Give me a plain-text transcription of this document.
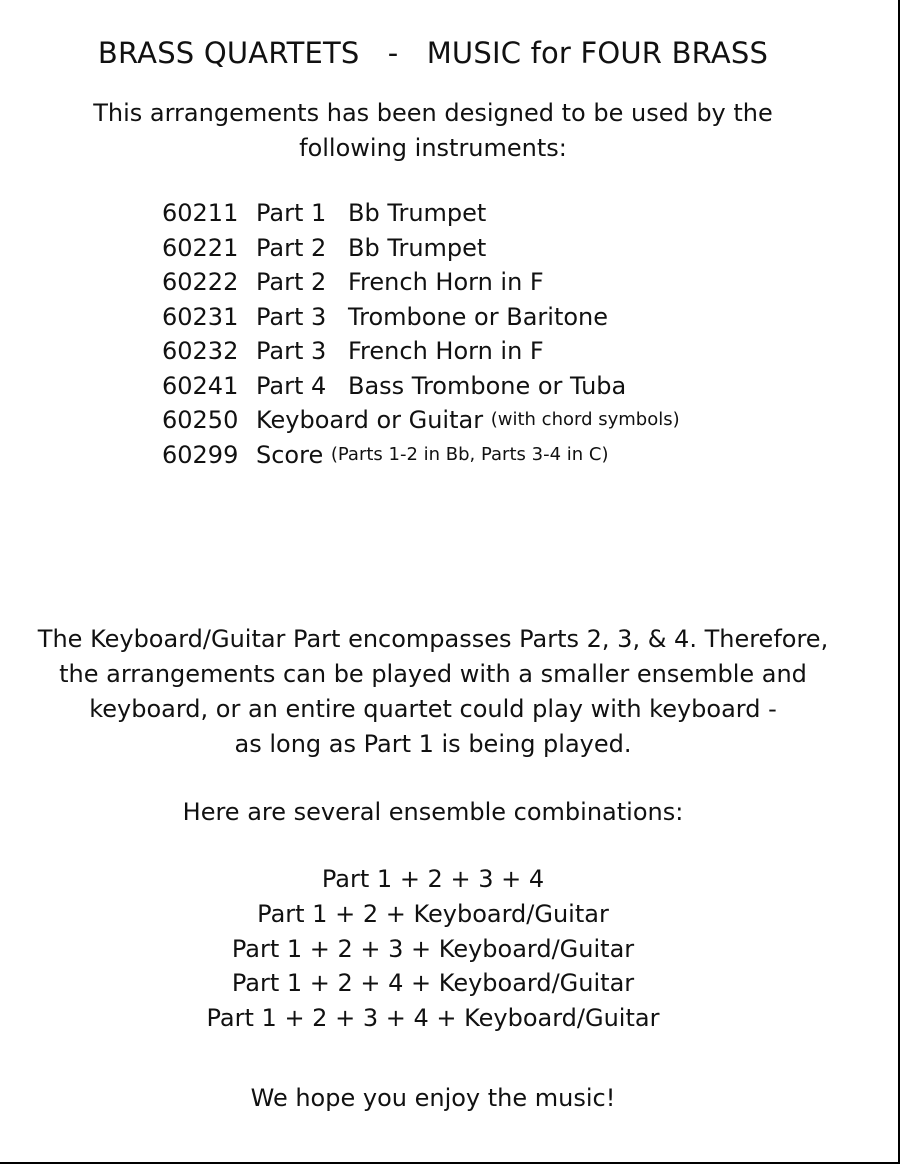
BRASS QUARTETS   -   MUSIC for FOUR BRASS
This arrangements has been designed to be used by the
following instruments:
60211 Part 1 Bb Trumpet
60221 Part 2 Bb Trumpet
60222 Part 2 French Horn in F
60231 Part 3 Trombone or Baritone
60232 Part 3 French Horn in F
60241 Part 4 Bass Trombone or Tuba
60250 Keyboard or Guitar
(with chord symbols)
60299 Score
(Parts 1-2 in Bb, Parts 3-4 in C)
The Keyboard/Guitar Part encompasses Parts 2, 3, & 4. Therefore,
the arrangements can be played with a smaller ensemble and
keyboard, or an entire quartet could play with keyboard -
as long as Part 1 is being played.
Here are several ensemble combinations:
Part 1 + 2 + 3 + 4
Part 1 + 2 + Keyboard/Guitar
Part 1 + 2 + 3 + Keyboard/Guitar
Part 1 + 2 + 4 + Keyboard/Guitar
Part 1 + 2 + 3 + 4 + Keyboard/Guitar
We hope you enjoy the music!
